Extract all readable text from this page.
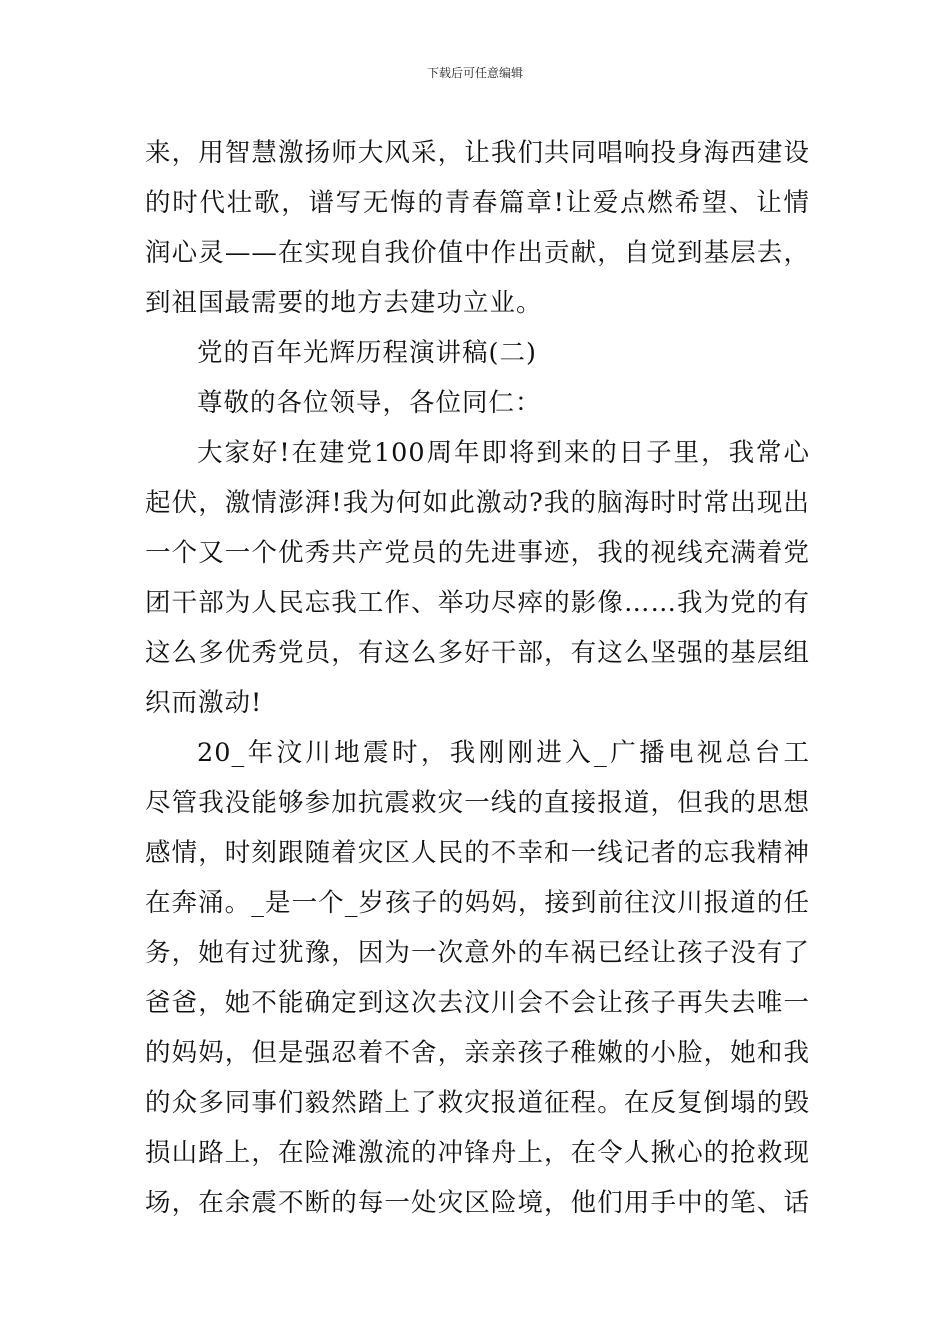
下载后可任意编辑
来，用智慧激扬师大风采，让我们共同唱响投身海西建设
的时代壮歌，谱写无悔的青春篇章!让爱点燃希望、让情
润心灵——在实现自我价值中作出贡献，自觉到基层去，
到祖国最需要的地方去建功立业。
党的百年光辉历程演讲稿(二)
尊敬的各位领导，各位同仁：
大家好!在建党100周年即将到来的日子里，我常心
起伏，激情澎湃!我为何如此激动?我的脑海时时常出现出
一个又一个优秀共产党员的先进事迹，我的视线充满着党
团干部为人民忘我工作、举功尽瘁的影像……我为党的有
这么多优秀党员，有这么多好干部，有这么坚强的基层组
织而激动!
20_年汶川地震时，我刚刚进入_广播电视总台工
尽管我没能够参加抗震救灾一线的直接报道，但我的思想
感情，时刻跟随着灾区人民的不幸和一线记者的忘我精神
在奔涌。_是一个_岁孩子的妈妈，接到前往汶川报道的任
务，她有过犹豫，因为一次意外的车祸已经让孩子没有了
爸爸，她不能确定到这次去汶川会不会让孩子再失去唯一
的妈妈，但是强忍着不舍，亲亲孩子稚嫩的小脸，她和我
的众多同事们毅然踏上了救灾报道征程。在反复倒塌的毁
损山路上，在险滩激流的冲锋舟上，在令人揪心的抢救现
场，在余震不断的每一处灾区险境，他们用手中的笔、话
